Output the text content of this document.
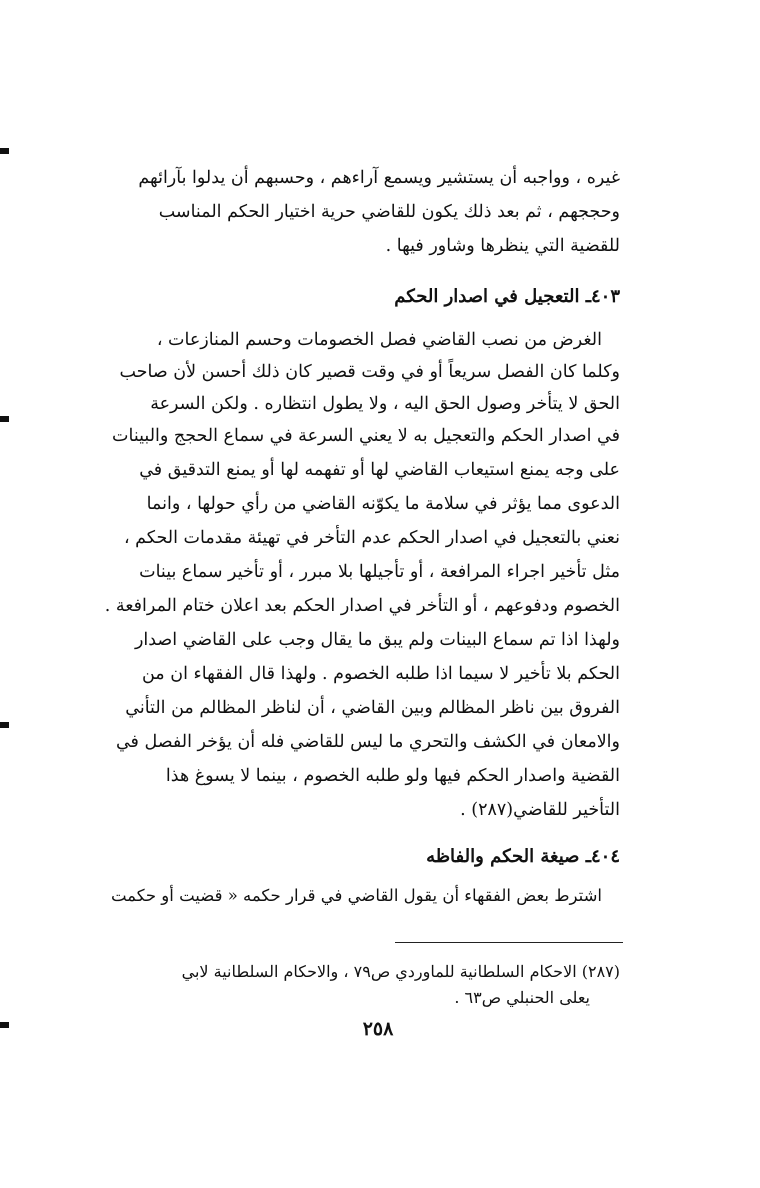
غيره ، وواجبه أن يستشير ويسمع آراءهم ، وحسبهم أن يدلوا بآرائهم
وحججهم ، ثم بعد ذلك يكون للقاضي حرية اختيار الحكم المناسب
للقضية التي ينظرها وشاور فيها .
٤٠٣ـ التعجيل في اصدار الحكم
الغرض من نصب القاضي فصل الخصومات وحسم المنازعات ،
وكلما كان الفصل سريعاً أو في وقت قصير كان ذلك أحسن لأن صاحب
الحق لا يتأخر وصول الحق اليه ، ولا يطول انتظاره . ولكن السرعة
في اصدار الحكم والتعجيل به لا يعني السرعة في سماع الحجج والبينات
على وجه يمنع استيعاب القاضي لها أو تفهمه لها أو يمنع التدقيق في
الدعوى مما يؤثر في سلامة ما يكوّنه القاضي من رأي حولها ، وانما
نعني بالتعجيل في اصدار الحكم عدم التأخر في تهيئة مقدمات الحكم ،
مثل تأخير اجراء المرافعة ، أو تأجيلها بلا مبرر ، أو تأخير سماع بينات
الخصوم ودفوعهم ، أو التأخر في اصدار الحكم بعد اعلان ختام المرافعة .
ولهذا اذا تم سماع البينات ولم يبق ما يقال وجب على القاضي اصدار
الحكم بلا تأخير لا سيما اذا طلبه الخصوم . ولهذا قال الفقهاء ان من
الفروق بين ناظر المظالم وبين القاضي ، أن لناظر المظالم من التأني
والامعان في الكشف والتحري ما ليس للقاضي فله أن يؤخر الفصل في
القضية واصدار الحكم فيها ولو طلبه الخصوم ، بينما لا يسوغ هذا
التأخير للقاضي(٢٨٧) .
٤٠٤ـ صيغة الحكم والفاظه
اشترط بعض الفقهاء أن يقول القاضي في قرار حكمه « قضيت أو حكمت
(٢٨٧) الاحكام السلطانية للماوردي ص٧٩ ، والاحكام السلطانية لابي
يعلى الحنبلي ص٦٣ .
٢٥٨
